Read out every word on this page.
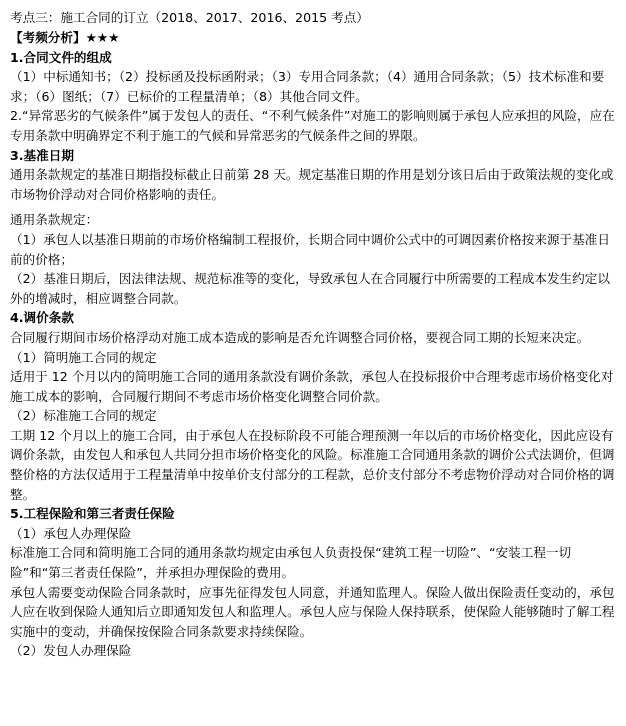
考点三：施工合同的订立（2018、2017、2016、2015 考点）
【考频分析】★★★
1.合同文件的组成
（1）中标通知书；（2）投标函及投标函附录；（3）专用合同条款；（4）通用合同条款；（5）技术标准和要求；（6）图纸；（7）已标价的工程量清单；（8）其他合同文件。
2.“异常恶劣的气候条件”属于发包人的责任、“不利气候条件”对施工的影响则属于承包人应承担的风险，应在专用条款中明确界定不利于施工的气候和异常恶劣的气候条件之间的界限。
3.基准日期
通用条款规定的基准日期指投标截止日前第 28 天。规定基准日期的作用是划分该日后由于政策法规的变化或市场物价浮动对合同价格影响的责任。
通用条款规定：
（1）承包人以基准日期前的市场价格编制工程报价，长期合同中调价公式中的可调因素价格按来源于基准日前的价格；
（2）基准日期后，因法律法规、规范标准等的变化，导致承包人在合同履行中所需要的工程成本发生约定以外的增减时，相应调整合同款。
4.调价条款
合同履行期间市场价格浮动对施工成本造成的影响是否允许调整合同价格，要视合同工期的长短来决定。
（1）简明施工合同的规定
适用于 12 个月以内的简明施工合同的通用条款没有调价条款，承包人在投标报价中合理考虑市场价格变化对施工成本的影响，合同履行期间不考虑市场价格变化调整合同价款。
（2）标准施工合同的规定
工期 12 个月以上的施工合同，由于承包人在投标阶段不可能合理预测一年以后的市场价格变化，因此应设有调价条款，由发包人和承包人共同分担市场价格变化的风险。标准施工合同通用条款的调价公式法调价，但调整价格的方法仅适用于工程量清单中按单价支付部分的工程款，总价支付部分不考虑物价浮动对合同价格的调整。
5.工程保险和第三者责任保险
（1）承包人办理保险
标准施工合同和简明施工合同的通用条款均规定由承包人负责投保“建筑工程一切险”、“安装工程一切险”和“第三者责任保险”，并承担办理保险的费用。
承包人需要变动保险合同条款时，应事先征得发包人同意，并通知监理人。保险人做出保险责任变动的，承包人应在收到保险人通知后立即通知发包人和监理人。承包人应与保险人保持联系，使保险人能够随时了解工程实施中的变动，并确保按保险合同条款要求持续保险。
（2）发包人办理保险
